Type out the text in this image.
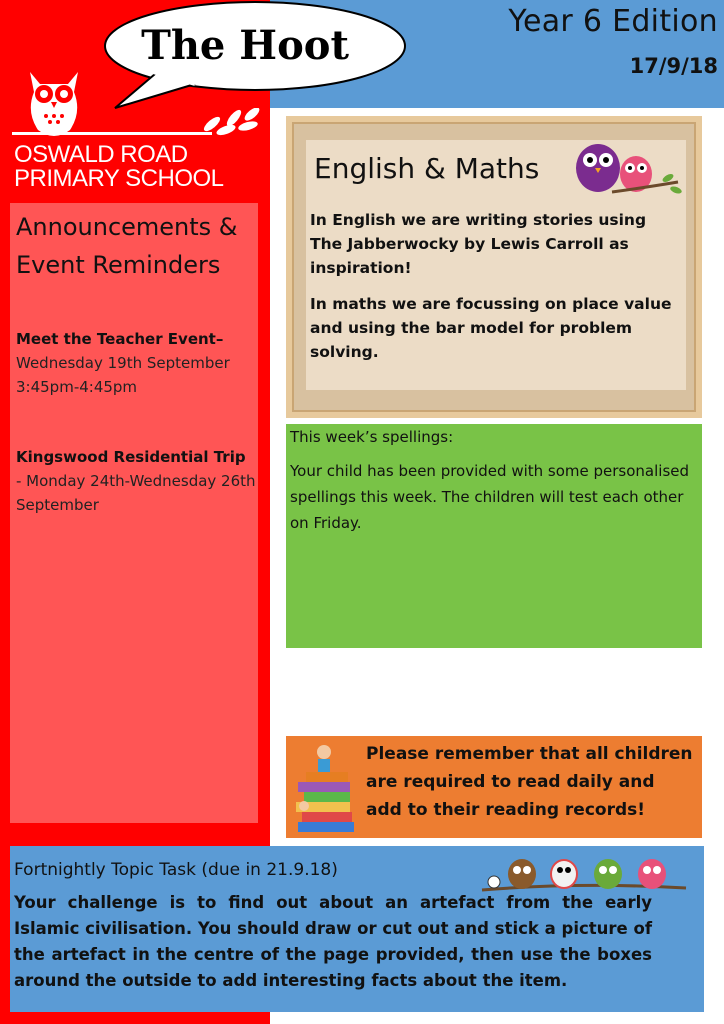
The Hoot
Year 6 Edition
17/9/18
OSWALD ROAD
PRIMARY SCHOOL
Announcements & Event Reminders
Meet the Teacher Event–
Wednesday 19th September 3:45pm-4:45pm
Kingswood Residential Trip
- Monday 24th-Wednesday 26th September
English & Maths
In English we are writing stories using The Jabberwocky by Lewis Carroll as inspiration!
In maths we are focussing on place value and using the bar model for problem solving.
This week’s spellings:
Your child has been provided with some personalised spellings this week. The children will test each other on Friday.
Please remember that all children are required to read daily and add to their reading records!
Fortnightly Topic Task (due in 21.9.18)
Your challenge is to find out about an artefact from the early Islamic civilisation. You should draw or cut out and stick a picture of the artefact in the centre of the page provided, then use the boxes around the outside to add interesting facts about the item.
